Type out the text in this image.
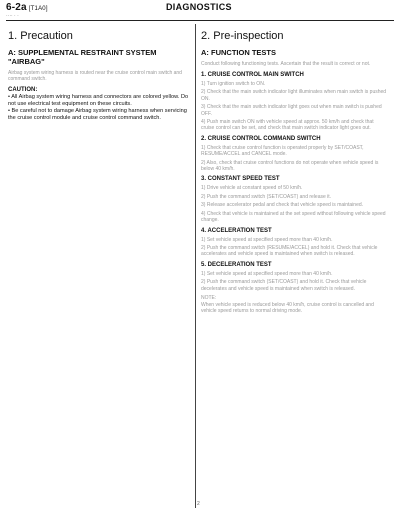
6-2a [T1A0]
···· · ·
DIAGNOSTICS
1. Precaution
A: SUPPLEMENTAL RESTRAINT SYSTEM "AIRBAG"
Airbag system wiring harness is routed near the cruise control main switch and command switch.
CAUTION:
• All Airbag system wiring harness and connectors are colored yellow. Do not use electrical test equipment on these circuits.
• Be careful not to damage Airbag system wiring harness when servicing the cruise control module and cruise control command switch.
2. Pre-inspection
A: FUNCTION TESTS
Conduct following functioning tests. Ascertain that the result is correct or not.
1. CRUISE CONTROL MAIN SWITCH
1) Turn ignition switch to ON.
2) Check that the main switch indicator light illuminates when main switch is pushed ON.
3) Check that the main switch indicator light goes out when main switch is pushed OFF.
4) Push main switch ON with vehicle speed at approx. 50 km/h and check that cruise control can be set, and check that main switch indicator light goes out.
2. CRUISE CONTROL COMMAND SWITCH
1) Check that cruise control function is operated properly by SET/COAST, RESUME/ACCEL and CANCEL mode.
2) Also, check that cruise control functions do not operate when vehicle speed is below 40 km/h.
3. CONSTANT SPEED TEST
1) Drive vehicle at constant speed of 50 km/h.
2) Push the command switch (SET/COAST) and release it.
3) Release accelerator pedal and check that vehicle speed is maintained.
4) Check that vehicle is maintained at the set speed without following vehicle speed change.
4. ACCELERATION TEST
1) Set vehicle speed at specified speed more than 40 km/h.
2) Push the command switch (RESUME/ACCEL) and hold it. Check that vehicle accelerates and vehicle speed is maintained when switch is released.
5. DECELERATION TEST
1) Set vehicle speed at specified speed more than 40 km/h.
2) Push the command switch (SET/COAST) and hold it. Check that vehicle decelerates and vehicle speed is maintained when switch is released.
NOTE:
When vehicle speed is reduced below 40 km/h, cruise control is cancelled and vehicle speed returns to normal driving mode.
2
